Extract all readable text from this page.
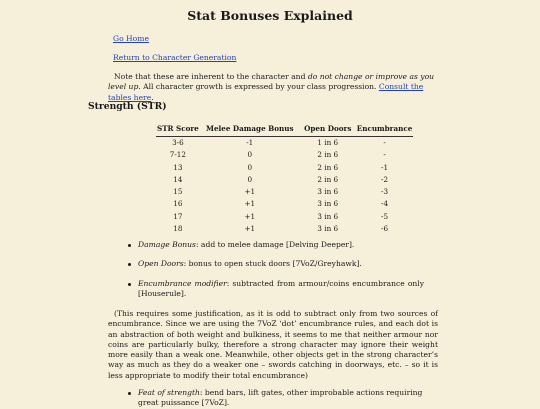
Stat Bonuses Explained
Go Home
Return to Character Generation

Note that these are inherent to the character and do not change or improve as you level up. All character growth is expressed by your class progression. Consult the tables here.

Strength (STR)
STR Score	Melee Damage Bonus	Open Doors	Encumbrance
3-6	-1	1 in 6	-
7-12	0	2 in 6	-
13	0	2 in 6	-1
14	0	2 in 6	-2
15	+1	3 in 6	-3
16	+1	3 in 6	-4
17	+1	3 in 6	-5
18	+1	3 in 6	-6
Damage Bonus: add to melee damage [Delving Deeper].
Open Doors: bonus to open stuck doors [7VoZ/Greyhawk].
Encumbrance modifier: subtracted from armour/coins encumbrance only [Houserule].

(This requires some justification, as it is odd to subtract only from two sources of encumbrance. Since we are using the 7VoZ ‘dot’ encumbrance rules, and each dot is an abstraction of both weight and bulkiness, it seems to me that neither armour nor coins are particularly bulky, therefore a strong character may ignore their weight more easily than a weak one. Meanwhile, other objects get in the strong character’s way as much as they do a weaker one – swords catching in doorways, etc. – so it is less appropriate to modify their total encumbrance)

Feat of strength: bend bars, lift gates, other improbable actions requiring great puissance [7VoZ].
